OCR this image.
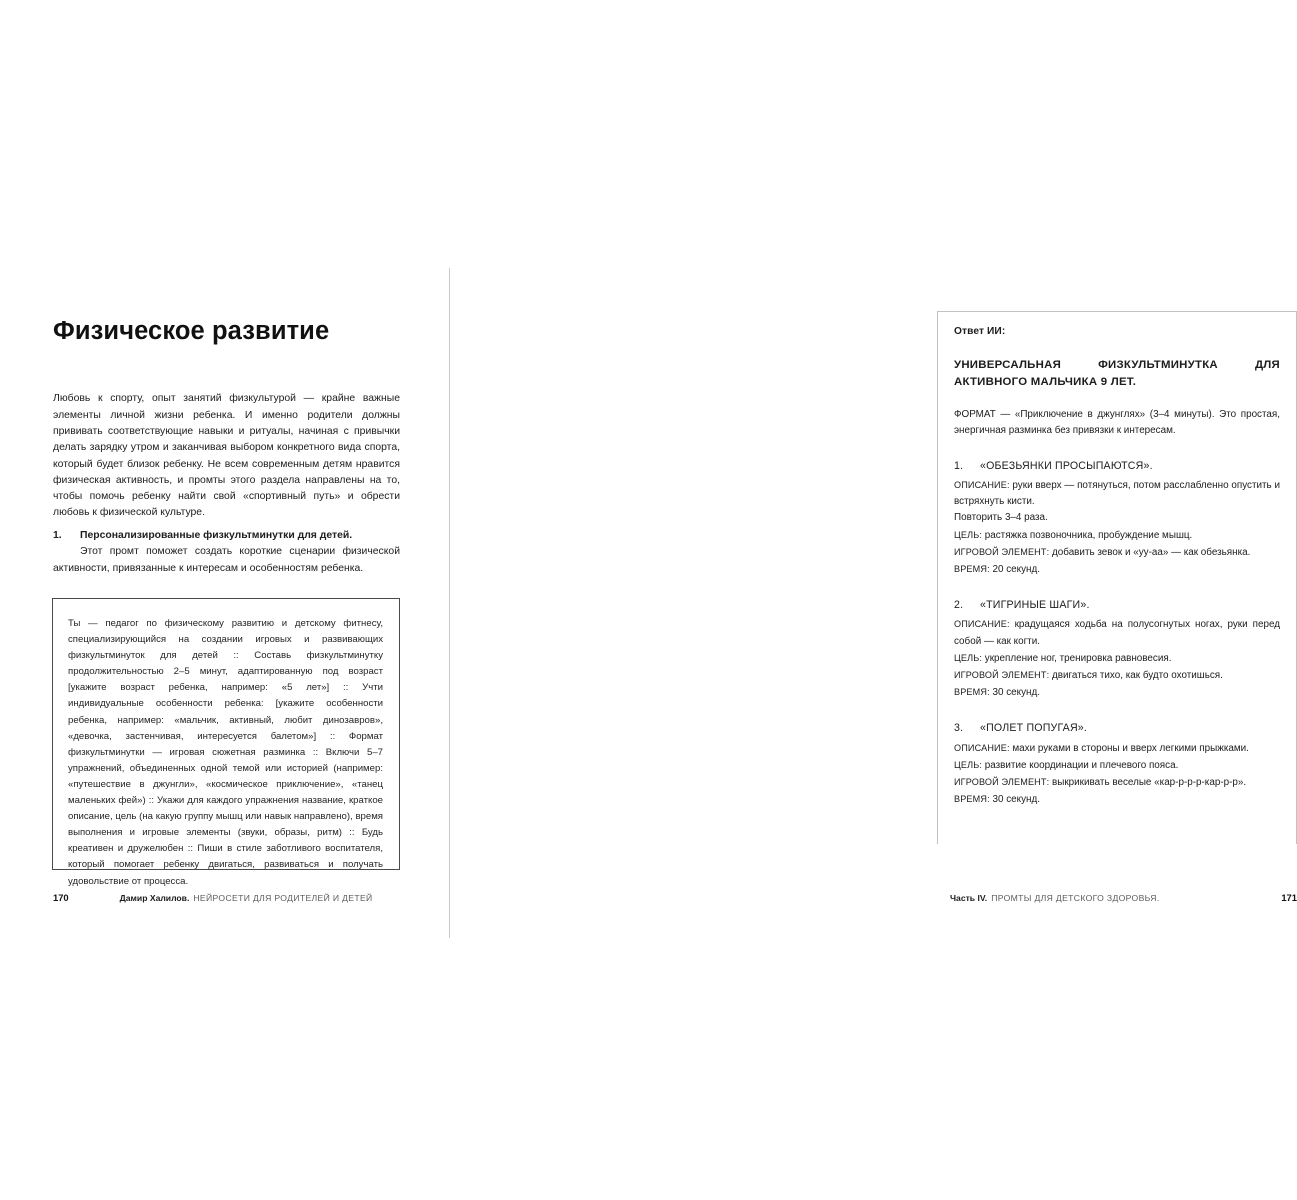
Физическое развитие

Любовь к спорту, опыт занятий физкультурой — крайне важные элементы личной жизни ребенка. И именно родители должны прививать соответствующие навыки и ритуалы, начиная с привычки делать зарядку утром и заканчивая выбором конкретного вида спорта, который будет близок ребенку. Не всем современным детям нравится физическая активность, и промты этого раздела направлены на то, чтобы помочь ребенку найти свой «спортивный путь» и обрести любовь к физической культуре.

1.	Персонализированные физкультминутки для детей.

Этот промт поможет создать короткие сценарии физической активности, привязанные к интересам и особенностям ребенка.

Ты — педагог по физическому развитию и детскому фитнесу, специализирующийся на создании игровых и развивающих физкультминуток для детей :: Составь физкультминутку продолжительностью 2–5 минут, адаптированную под возраст [укажите возраст ребенка, например: «5 лет»] :: Учти индивидуальные особенности ребенка: [укажите особенности ребенка, например: «мальчик, активный, любит динозавров», «девочка, застенчивая, интересуется балетом»] :: Формат физкультминутки — игровая сюжетная разминка :: Включи 5–7 упражнений, объединенных одной темой или историей (например: «путешествие в джунгли», «космическое приключение», «танец маленьких фей») :: Укажи для каждого упражнения название, краткое описание, цель (на какую группу мышц или навык направлено), время выполнения и игровые элементы (звуки, образы, ритм) :: Будь креативен и дружелюбен :: Пиши в стиле заботливого воспитателя, который помогает ребенку двигаться, развиваться и получать удовольствие от процесса.
170	Дамир Халилов. НЕЙРОСЕТИ ДЛЯ РОДИТЕЛЕЙ И ДЕТЕЙ
Ответ ИИ:
УНИВЕРСАЛЬНАЯ ФИЗКУЛЬТМИНУТКА ДЛЯ АКТИВНОГО МАЛЬЧИКА 9 ЛЕТ.

ФОРМАТ — «Приключение в джунглях» (3–4 минуты). Это простая, энергичная разминка без привязки к интересам.

1.	«ОБЕЗЬЯНКИ ПРОСЫПАЮТСЯ».

ОПИСАНИЕ: руки вверх — потянуться, потом расслабленно опустить и встряхнуть кисти.

Повторить 3–4 раза.

ЦЕЛЬ: растяжка позвоночника, пробуждение мышц.

ИГРОВОЙ ЭЛЕМЕНТ: добавить зевок и «уу-аа» — как обезьянка.

ВРЕМЯ: 20 секунд.

2.	«ТИГРИНЫЕ ШАГИ».

ОПИСАНИЕ: крадущаяся ходьба на полусогнутых ногах, руки перед собой — как когти.

ЦЕЛЬ: укрепление ног, тренировка равновесия.

ИГРОВОЙ ЭЛЕМЕНТ: двигаться тихо, как будто охотишься.

ВРЕМЯ: 30 секунд.

3.	«ПОЛЕТ ПОПУГАЯ».

ОПИСАНИЕ: махи руками в стороны и вверх легкими прыжками.

ЦЕЛЬ: развитие координации и плечевого пояса.

ИГРОВОЙ ЭЛЕМЕНТ: выкрикивать веселые «кар-р-р-р-кар-р-р».

ВРЕМЯ: 30 секунд.

Часть IV. ПРОМТЫ ДЛЯ ДЕТСКОГО ЗДОРОВЬЯ.	171
